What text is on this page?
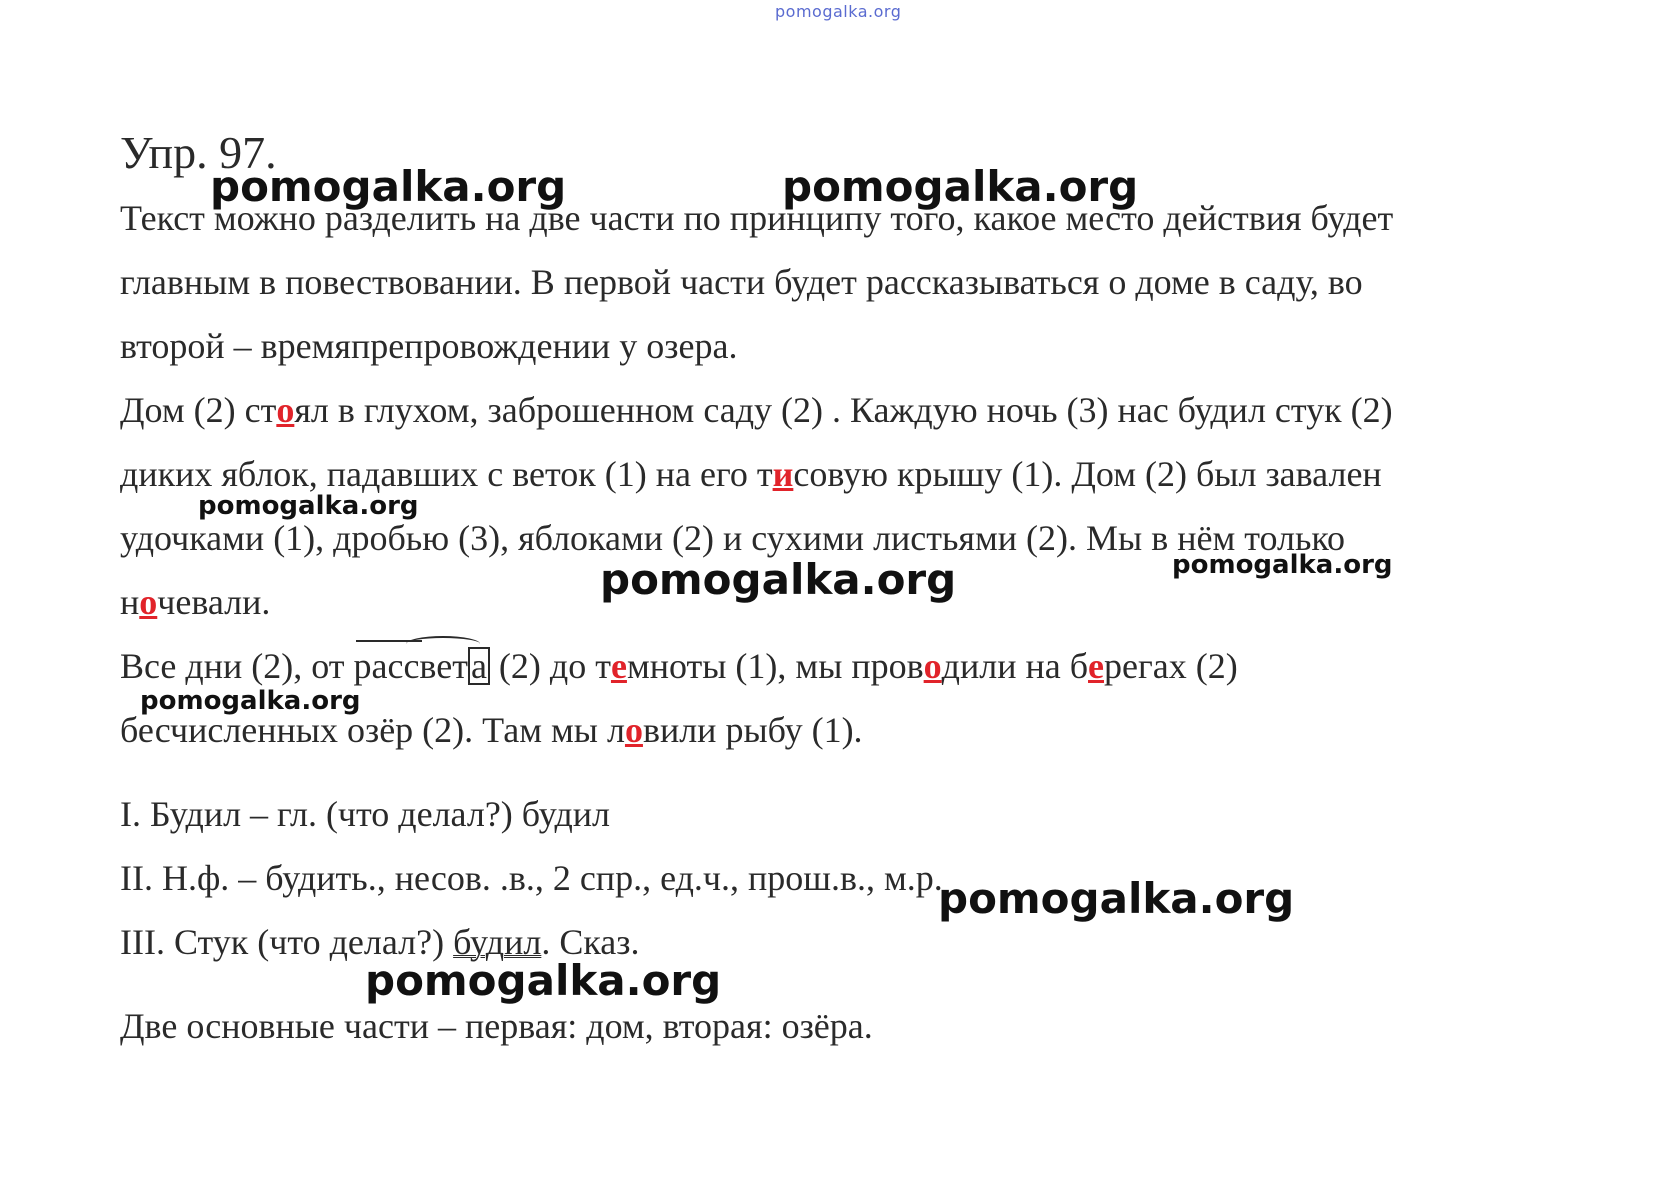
pomogalka.org
Упр. 97.
Текст можно разделить на две части по принципу того, какое место действия будет
главным в повествовании. В первой части будет рассказываться о доме в саду, во
второй – времяпрепровождении у озера.
Дом (2) стоял в глухом, заброшенном саду (2) . Каждую ночь (3) нас будил стук (2)
диких яблок, падавших с веток (1) на его тисовую крышу (1). Дом (2) был завален
удочками (1), дробью (3), яблоками (2) и сухими листьями (2). Мы в нём только
ночевали.
Все дни (2), от
рассвета (2) до темноты (1), мы проводили на берегах (2)
бесчисленных озёр (2). Там мы ловили рыбу (1).
I. Будил – гл. (что делал?) будил
II. Н.ф. – будить., несов. .в., 2 спр., ед.ч., прош.в., м.р.
III. Стук (что делал?) будил. Сказ.
Две основные части – первая: дом, вторая: озёра.
pomogalka.org	pomogalka.org
pomogalka.org
pomogalka.org	pomogalka.org
pomogalka.org
pomogalka.org
pomogalka.org
